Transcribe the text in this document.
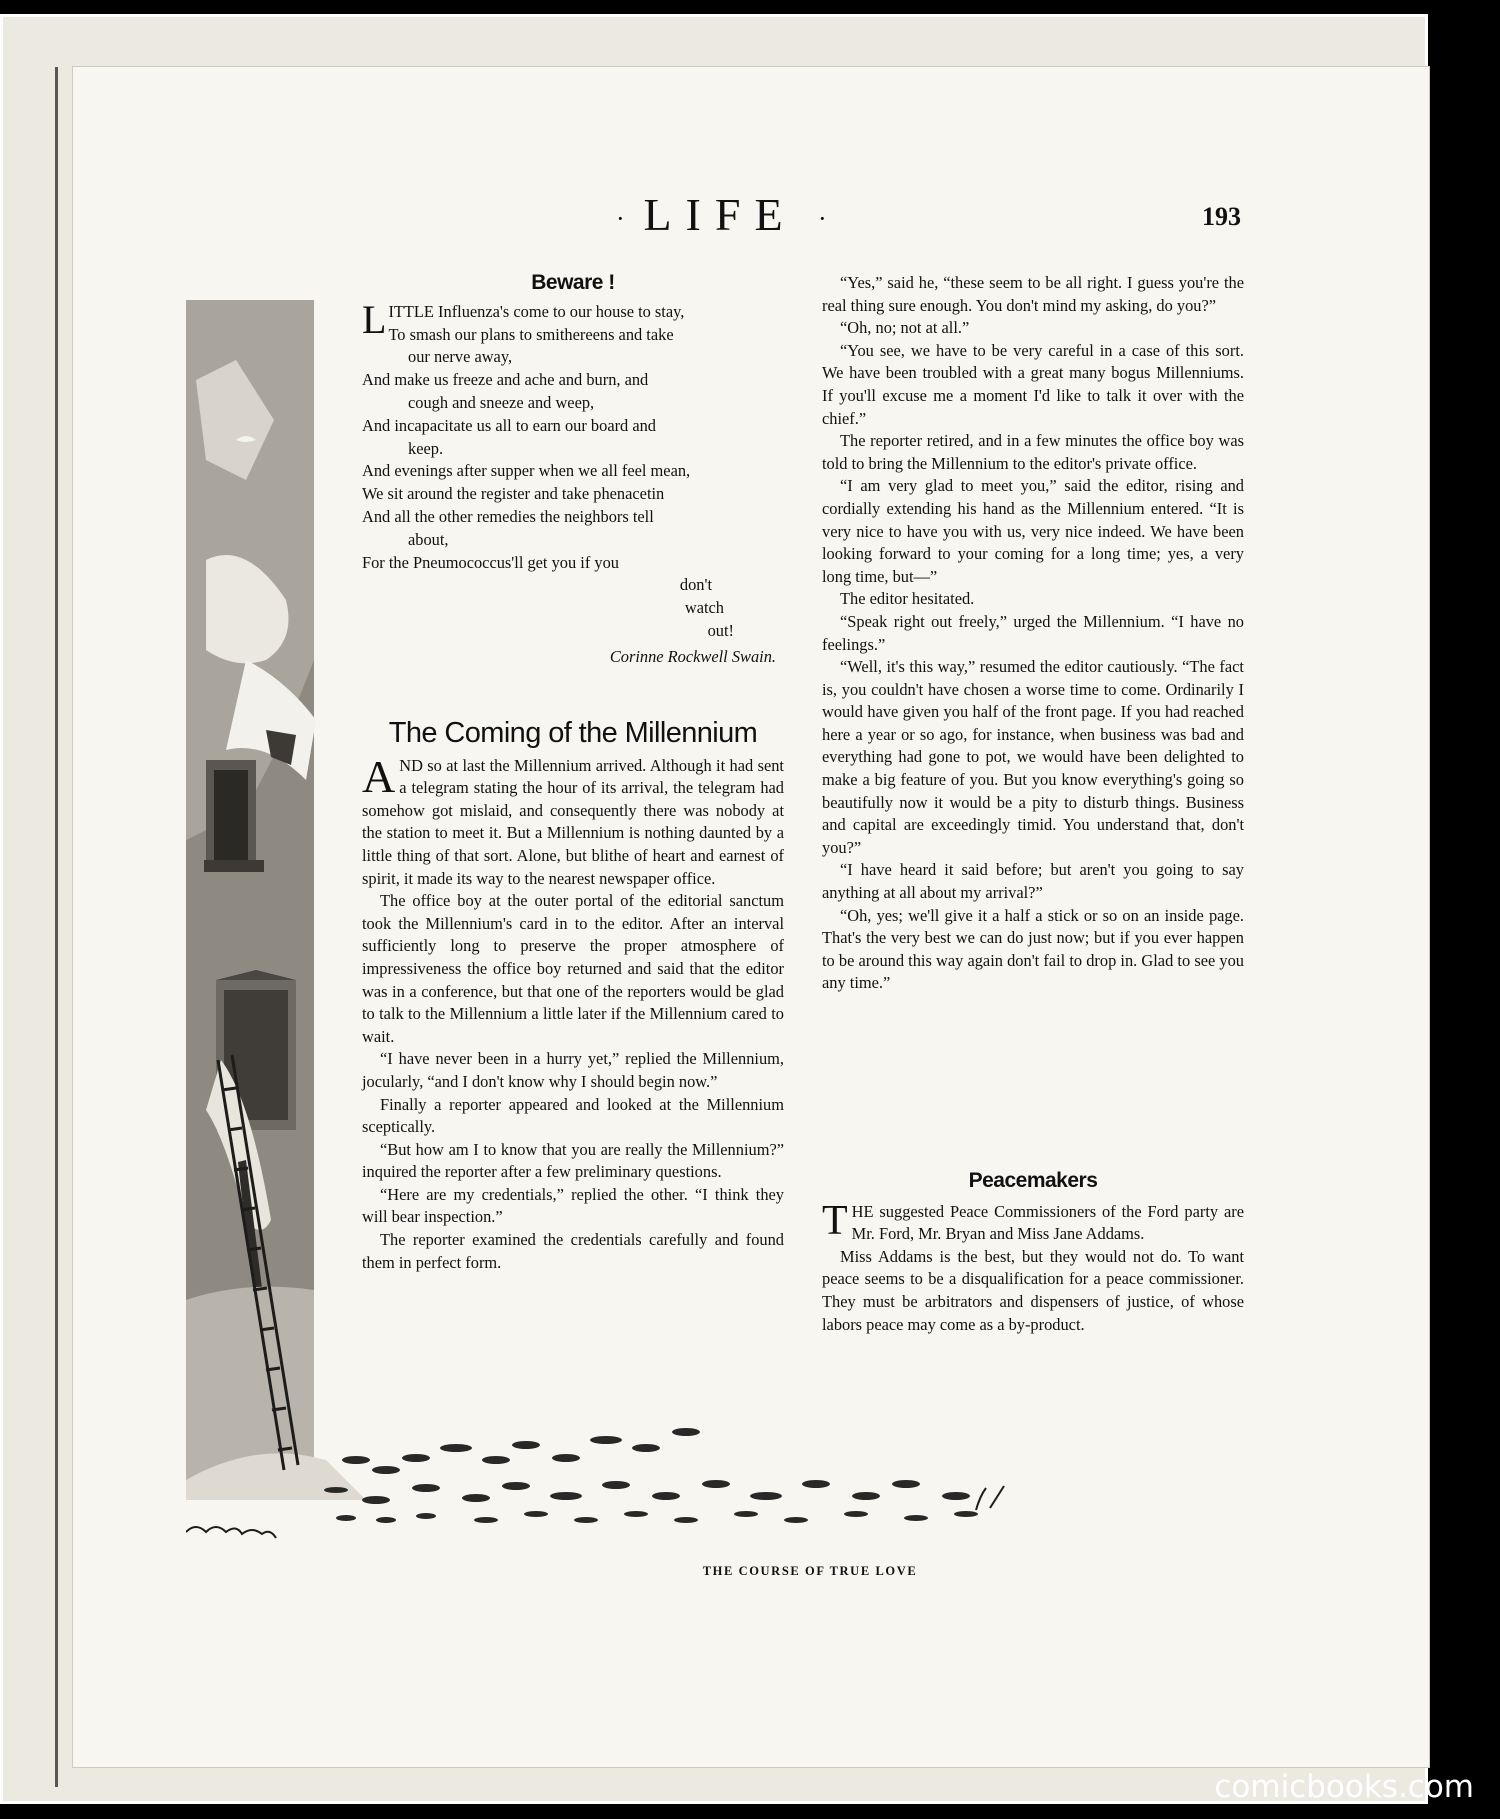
· LIFE ·	193
Beware !
LITTLE Influenza's come to our house to stay,
To smash our plans to smithereens and take
our nerve away,
And make us freeze and ache and burn, and
cough and sneeze and weep,
And incapacitate us all to earn our board and
keep.
And evenings after supper when we all feel mean,
We sit around the register and take phenacetin
And all the other remedies the neighbors tell
about,
For the Pneumococcus'll get you if you
don't
watch
out!
Corinne Rockwell Swain.
The Coming of the Millennium

AND so at last the Millennium arrived. Although it had sent a telegram stating the hour of its arrival, the telegram had somehow got mislaid, and consequently there was nobody at the station to meet it. But a Millennium is nothing daunted by a little thing of that sort. Alone, but blithe of heart and earnest of spirit, it made its way to the nearest newspaper office.

The office boy at the outer portal of the editorial sanctum took the Millennium's card in to the editor. After an interval sufficiently long to preserve the proper atmosphere of impressiveness the office boy returned and said that the editor was in a conference, but that one of the reporters would be glad to talk to the Millennium a little later if the Millennium cared to wait.

“I have never been in a hurry yet,” replied the Millennium, jocularly, “and I don't know why I should begin now.”

Finally a reporter appeared and looked at the Millennium sceptically.

“But how am I to know that you are really the Millennium?” inquired the reporter after a few preliminary questions.

“Here are my credentials,” replied the other. “I think they will bear inspection.”

The reporter examined the credentials carefully and found them in perfect form.

“Yes,” said he, “these seem to be all right. I guess you're the real thing sure enough. You don't mind my asking, do you?”

“Oh, no; not at all.”

“You see, we have to be very careful in a case of this sort. We have been troubled with a great many bogus Millenniums. If you'll excuse me a moment I'd like to talk it over with the chief.”

The reporter retired, and in a few minutes the office boy was told to bring the Millennium to the editor's private office.

“I am very glad to meet you,” said the editor, rising and cordially extending his hand as the Millennium entered. “It is very nice to have you with us, very nice indeed. We have been looking forward to your coming for a long time; yes, a very long time, but—”

The editor hesitated.

“Speak right out freely,” urged the Millennium. “I have no feelings.”

“Well, it's this way,” resumed the editor cautiously. “The fact is, you couldn't have chosen a worse time to come. Ordinarily I would have given you half of the front page. If you had reached here a year or so ago, for instance, when business was bad and everything had gone to pot, we would have been delighted to make a big feature of you. But you know everything's going so beautifully now it would be a pity to disturb things. Business and capital are exceedingly timid. You understand that, don't you?”

“I have heard it said before; but aren't you going to say anything at all about my arrival?”

“Oh, yes; we'll give it a half a stick or so on an inside page. That's the very best we can do just now; but if you ever happen to be around this way again don't fail to drop in. Glad to see you any time.”

Peacemakers

THE suggested Peace Commissioners of the Ford party are Mr. Ford, Mr. Bryan and Miss Jane Addams.

Miss Addams is the best, but they would not do. To want peace seems to be a disqualification for a peace commissioner. They must be arbitrators and dispensers of justice, of whose labors peace may come as a by-product.

THE COURSE OF TRUE LOVE
comicbooks.com
